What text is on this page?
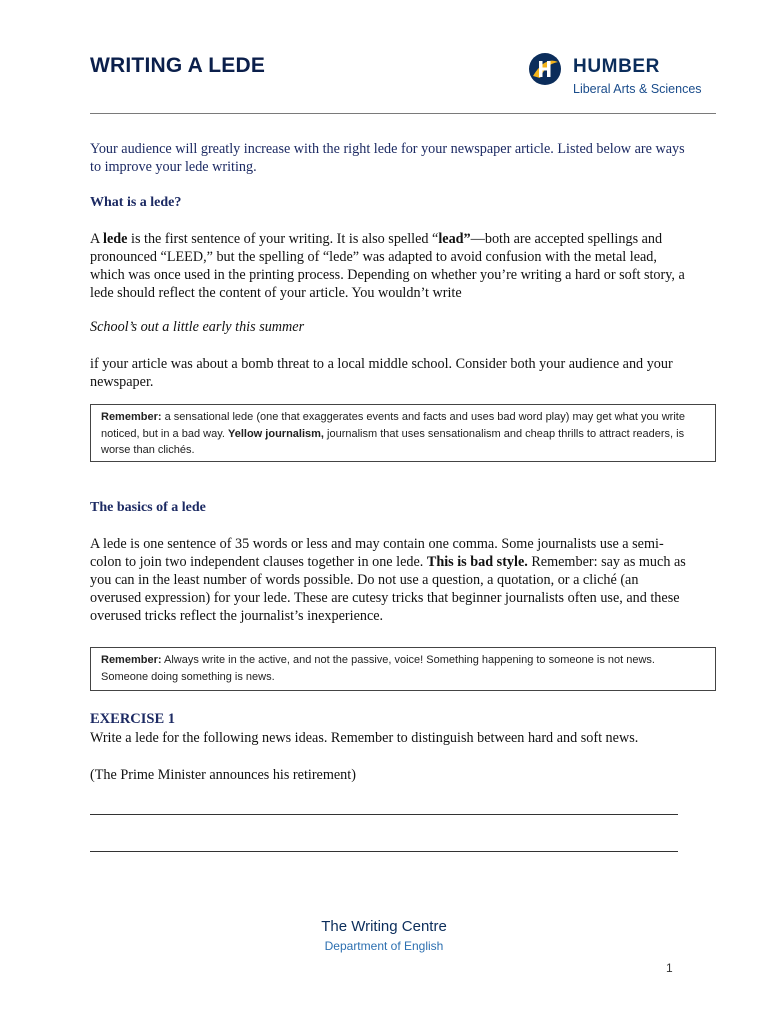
WRITING A LEDE	HUMBER
Liberal Arts & Sciences
Your audience will greatly increase with the right lede for your newspaper article. Listed below are ways to improve your lede writing.
What is a lede?
A lede is the first sentence of your writing. It is also spelled “lead”—both are accepted spellings and pronounced “LEED,” but the spelling of “lede” was adapted to avoid confusion with the metal lead, which was once used in the printing process. Depending on whether you’re writing a hard or soft story, a lede should reflect the content of your article. You wouldn’t write
School’s out a little early this summer
if your article was about a bomb threat to a local middle school. Consider both your audience and your newspaper.
Remember: a sensational lede (one that exaggerates events and facts and uses bad word play) may get what you write noticed, but in a bad way. Yellow journalism, journalism that uses sensationalism and cheap thrills to attract readers, is worse than clichés.
The basics of a lede
A lede is one sentence of 35 words or less and may contain one comma. Some journalists use a semi-colon to join two independent clauses together in one lede. This is bad style. Remember: say as much as you can in the least number of words possible. Do not use a question, a quotation, or a cliché (an overused expression) for your lede. These are cutesy tricks that beginner journalists often use, and these overused tricks reflect the journalist’s inexperience.
Remember: Always write in the active, and not the passive, voice! Something happening to someone is not news. Someone doing something is news.
EXERCISE 1
Write a lede for the following news ideas. Remember to distinguish between hard and soft news.
(The Prime Minister announces his retirement)
The Writing Centre
Department of English
1
